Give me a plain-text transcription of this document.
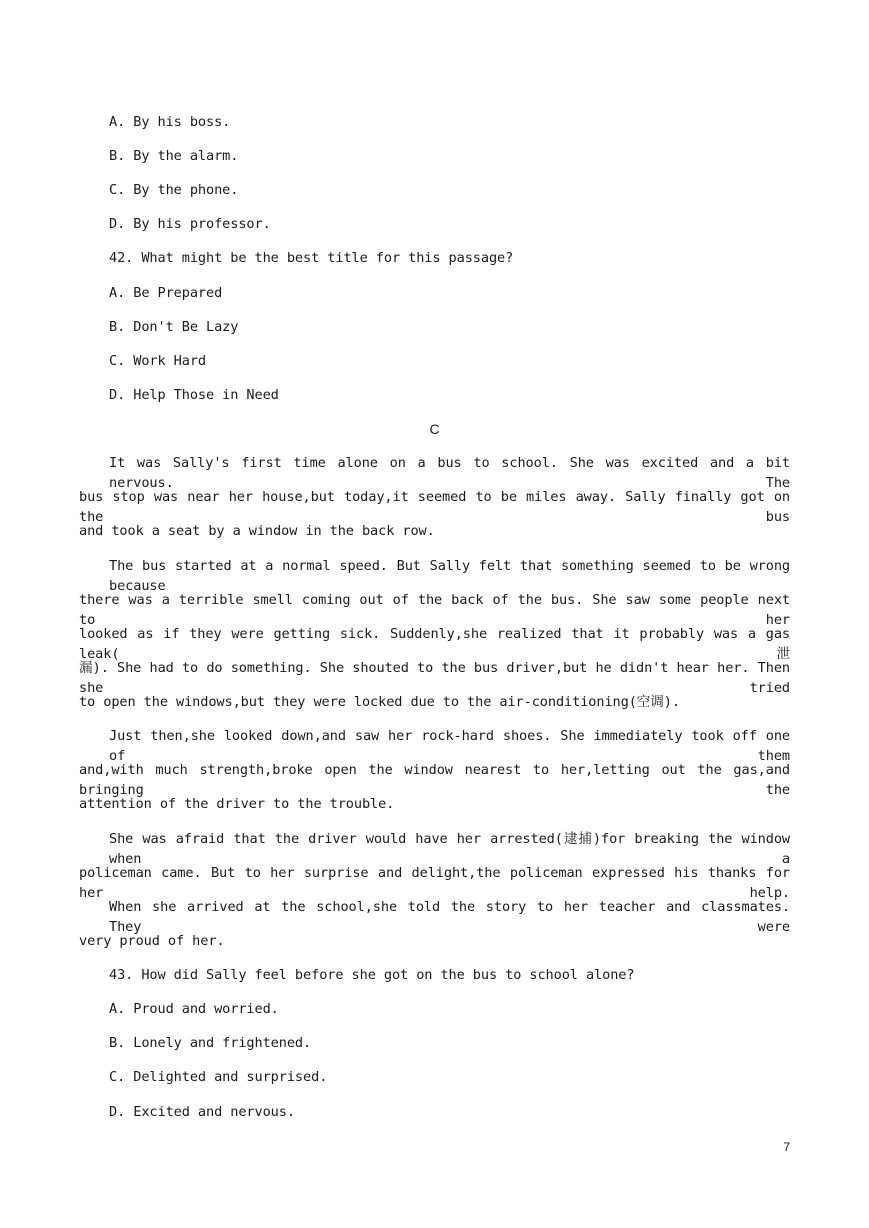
A. By his boss.
B. By the alarm.
C. By the phone.
D. By his professor.
42. What might be the best title for this passage?
A. Be Prepared
B. Don't Be Lazy
C. Work Hard
D. Help Those in Need
C
It was Sally's first time alone on a bus to school. She was excited and a bit nervous. The
bus stop was near her house,but today,it seemed to be miles away. Sally finally got on the bus
and took a seat by a window in the back row.
The bus started at a normal speed. But Sally felt that something seemed to be wrong because
there was a terrible smell coming out of the back of the bus. She saw some people next to her
looked as if they were getting sick. Suddenly,she realized that it probably was a gas leak(泄
漏). She had to do something. She shouted to the bus driver,but he didn't hear her. Then she tried
to open the windows,but they were locked due to the air-conditioning(空调).
Just then,she looked down,and saw her rock-hard shoes. She immediately took off one of them
and,with much strength,broke open the window nearest to her,letting out the gas,and bringing the
attention of the driver to the trouble.
She was afraid that the driver would have her arrested(逮捕)for breaking the window when a
policeman came. But to her surprise and delight,the policeman expressed his thanks for her help.
When she arrived at the school,she told the story to her teacher and classmates. They were
very proud of her.
43. How did Sally feel before she got on the bus to school alone?
A. Proud and worried.
B. Lonely and frightened.
C. Delighted and surprised.
D. Excited and nervous.
7
